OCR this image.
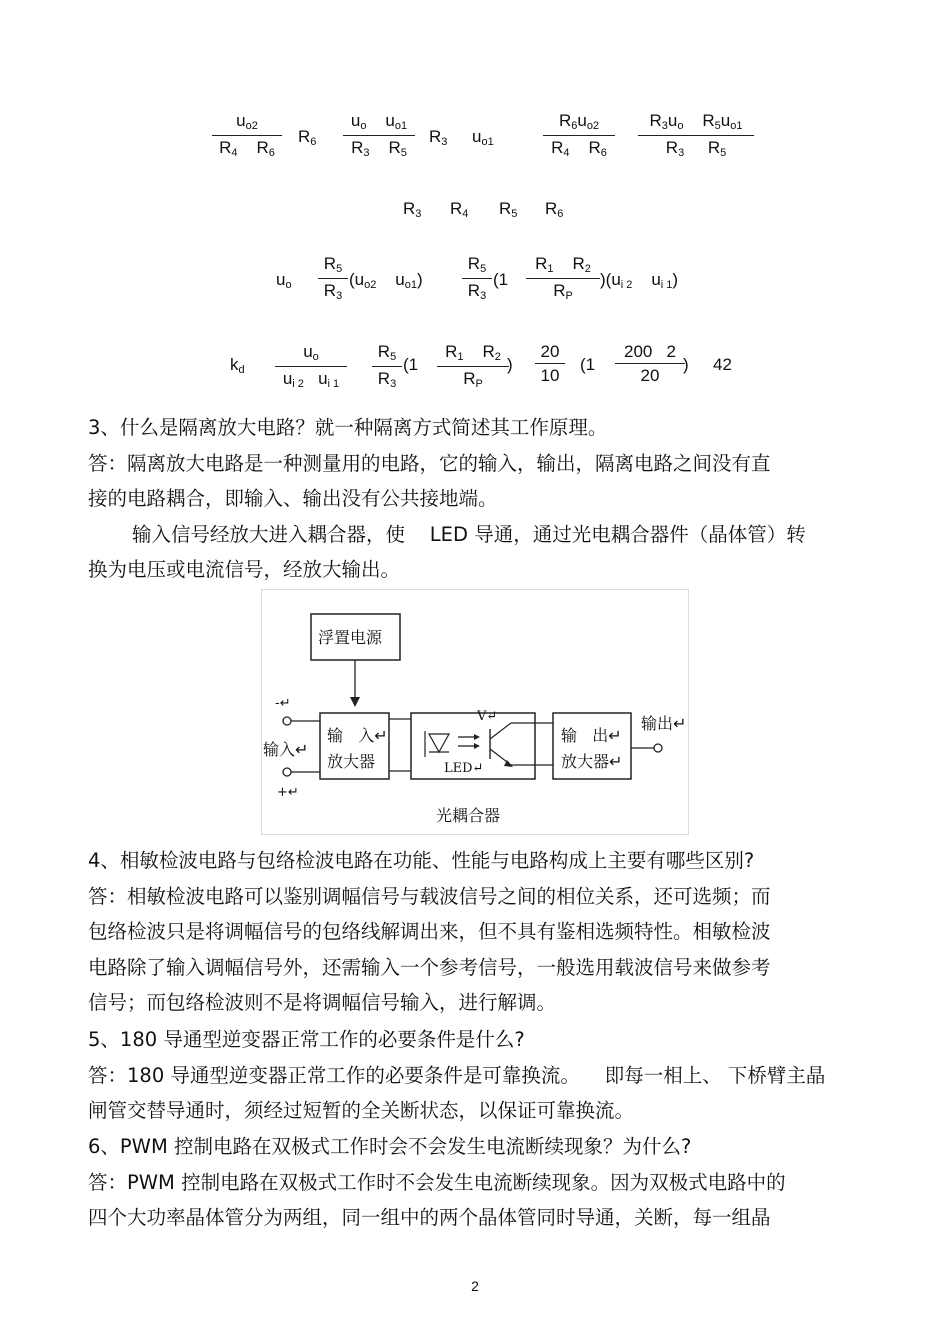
$u_{o2}$
$R_4$ $R_6$
$R_6$
$u_o$ $u_{o1}$
$R_3$ $R_5$
$R_3$ $u_{o1}$
$R_6u_{o2}$
$R_4$ $R_6$
$R_3u_o$ $R_5u_{o1}$
$R_3$ $R_5$
$R_3$ $R_4$ $R_5$ $R_6$
$u_o$
$R_5$
$R_3$
($u_{o2}$ $u_{o1}$)
$R_5$
$R_3$
(1
$R_1$ $R_2$
$R_P$
)($u_{i 2}$ $u_{i 1}$)
$k_d$
$u_o$
$u_{i 2}$ $u_{i 1}$
$R_5$
$R_3$
(1
$R_1$ $R_2$
$R_P$
)
20
10
(1
200 2
20
) 42

3、什么是隔离放大电路？就一种隔离方式简述其工作原理。

答：隔离放大电路是一种测量用的电路，它的输入，输出，隔离电路之间没有直

接的电路耦合，即输入、输出没有公共接地端。

输入信号经放大进入耦合器，使    LED 导通，通过光电耦合器件（晶体管）转

换为电压或电流信号，经放大输出。

浮置电源
-↵
输入↵
+↵
输   入↵
放大器
V↵
LED↵
输   出↵
放大器↵
输出↵
光耦合器

4、相敏检波电路与包络检波电路在功能、性能与电路构成上主要有哪些区别?

答：相敏检波电路可以鉴别调幅信号与载波信号之间的相位关系，还可选频；而

包络检波只是将调幅信号的包络线解调出来，但不具有鉴相选频特性。相敏检波

电路除了输入调幅信号外，还需输入一个参考信号，一般选用载波信号来做参考

信号；而包络检波则不是将调幅信号输入，进行解调。

5、180 导通型逆变器正常工作的必要条件是什么?

答：180 导通型逆变器正常工作的必要条件是可靠换流。    即每一相上、 下桥臂主晶

闸管交替导通时，须经过短暂的全关断状态，以保证可靠换流。

6、PWM 控制电路在双极式工作时会不会发生电流断续现象？为什么?

答：PWM 控制电路在双极式工作时不会发生电流断续现象。因为双极式电路中的

四个大功率晶体管分为两组，同一组中的两个晶体管同时导通，关断，每一组晶

2
